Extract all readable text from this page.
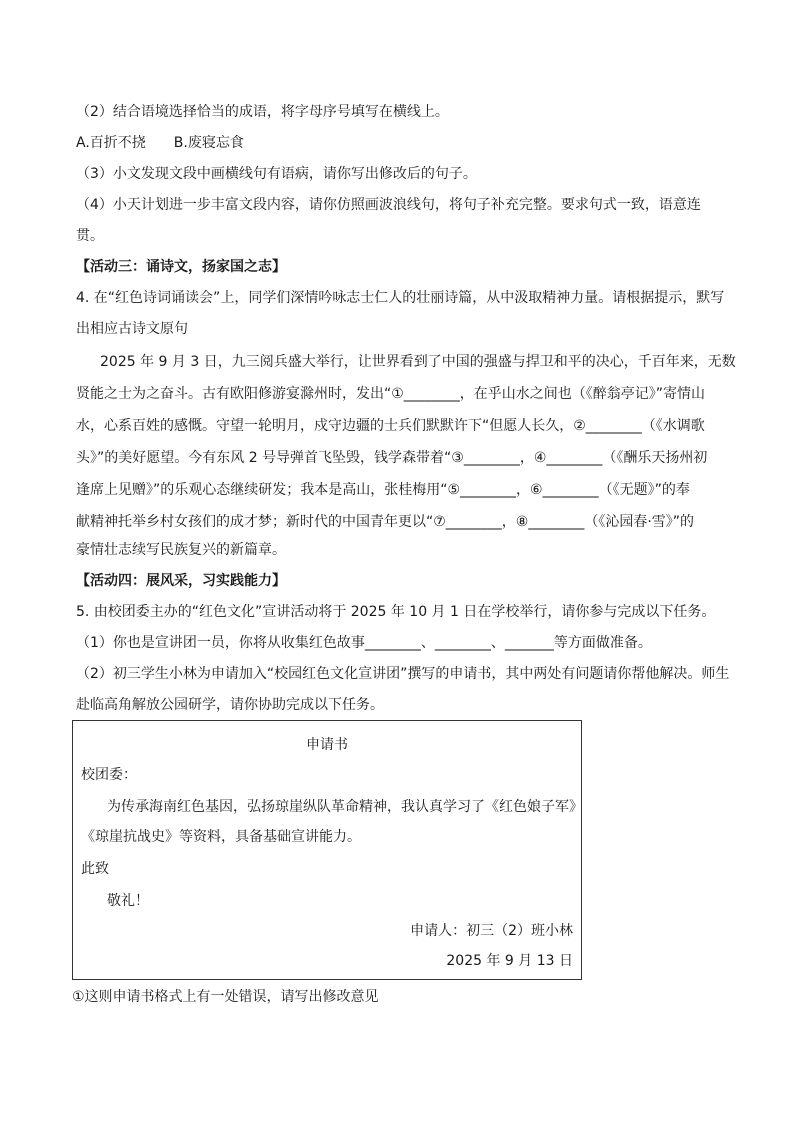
（2）结合语境选择恰当的成语，将字母序号填写在横线上。
A.百折不挠　　B.废寝忘食
（3）小文发现文段中画横线句有语病，请你写出修改后的句子。
（4）小天计划进一步丰富文段内容，请你仿照画波浪线句，将句子补充完整。要求句式一致，语意连
贯。
【活动三：诵诗文，扬家国之志】
4. 在“红色诗词诵读会”上，同学们深情吟咏志士仁人的壮丽诗篇，从中汲取精神力量。请根据提示，默写
出相应古诗文原句
2025 年 9 月 3 日，九三阅兵盛大举行，让世界看到了中国的强盛与捍卫和平的决心，千百年来，无数
贤能之士为之奋斗。古有欧阳修游宴滁州时，发出“①________，在乎山水之间也（《醉翁亭记》”寄情山
水，心系百姓的感慨。守望一轮明月，戍守边疆的士兵们默默许下“但愿人长久，②________（《水调歌
头》”的美好愿望。今有东风 2 号导弹首飞坠毁，钱学森带着“③________，④________（《酬乐天扬州初
逢席上见赠》”的乐观心态继续研发；我本是高山，张桂梅用“⑤________，⑥________（《无题》”的奉
献精神托举乡村女孩们的成才梦；新时代的中国青年更以“⑦________，⑧________（《沁园春·雪》”的
豪情壮志续写民族复兴的新篇章。
【活动四：展风采，习实践能力】
5. 由校团委主办的“红色文化”宣讲活动将于 2025 年 10 月 1 日在学校举行，请你参与完成以下任务。
（1）你也是宣讲团一员，你将从收集红色故事________、________、_______等方面做准备。
（2）初三学生小林为申请加入“校园红色文化宣讲团”撰写的申请书，其中两处有问题请你帮他解决。师生
赴临高角解放公园研学，请你协助完成以下任务。
申请书
校团委：
为传承海南红色基因，弘扬琼崖纵队革命精神，我认真学习了《红色娘子军》
《琼崖抗战史》等资料，具备基础宣讲能力。
此致
敬礼！
申请人：初三（2）班小林
2025 年 9 月 13 日
①这则申请书格式上有一处错误，请写出修改意见
